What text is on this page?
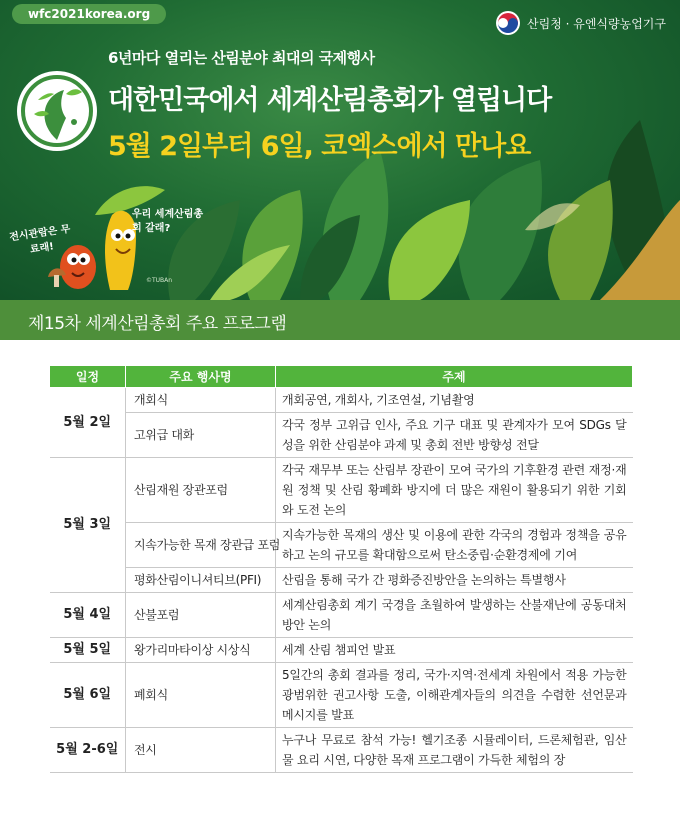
wfc2021korea.org
산림청 · 유엔식량농업기구
6년마다 열리는 산림분야 최대의 국제행사
대한민국에서 세계산림총회가 열립니다
5월 2일부터 6일, 코엑스에서 만나요
전시관람은 무료래!
우리 세계산림총회 갈래?
©TUBAn
제15차 세계산림총회 주요 프로그램
일정	주요 행사명	주제
5월 2일	개회식	개회공연, 개회사, 기조연설, 기념촬영
	고위급 대화	각국 정부 고위급 인사, 주요 기구 대표 및 관계자가 모여 SDGs 달성을 위한 산림분야 과제 및 총회 전반 방향성 전달
5월 3일	산림재원 장관포럼	각국 재무부 또는 산림부 장관이 모여 국가의 기후환경 관련 재정·재원 정책 및 산림 황폐화 방지에 더 많은 재원이 활용되기 위한 기회와 도전 논의
	지속가능한 목재 장관급 포럼	지속가능한 목재의 생산 및 이용에 관한 각국의 경험과 정책을 공유하고 논의 규모를 확대함으로써 탄소중립·순환경제에 기여
	평화산림이니셔티브(PFI)	산림을 통해 국가 간 평화증진방안을 논의하는 특별행사
5월 4일	산불포럼	세계산림총회 계기 국경을 초월하여 발생하는 산불재난에 공동대처방안 논의
5월 5일	왕가리마타이상 시상식	세계 산림 챔피언 발표
5월 6일	폐회식	5일간의 총회 결과를 정리, 국가·지역·전세계 차원에서 적용 가능한 광범위한 권고사항 도출, 이해관계자들의 의견을 수렴한 선언문과 메시지를 발표
5월 2-6일	전시	누구나 무료로 참석 가능! 헬기조종 시뮬레이터, 드론체험관, 임산물 요리 시연, 다양한 목재 프로그램이 가득한 체험의 장
